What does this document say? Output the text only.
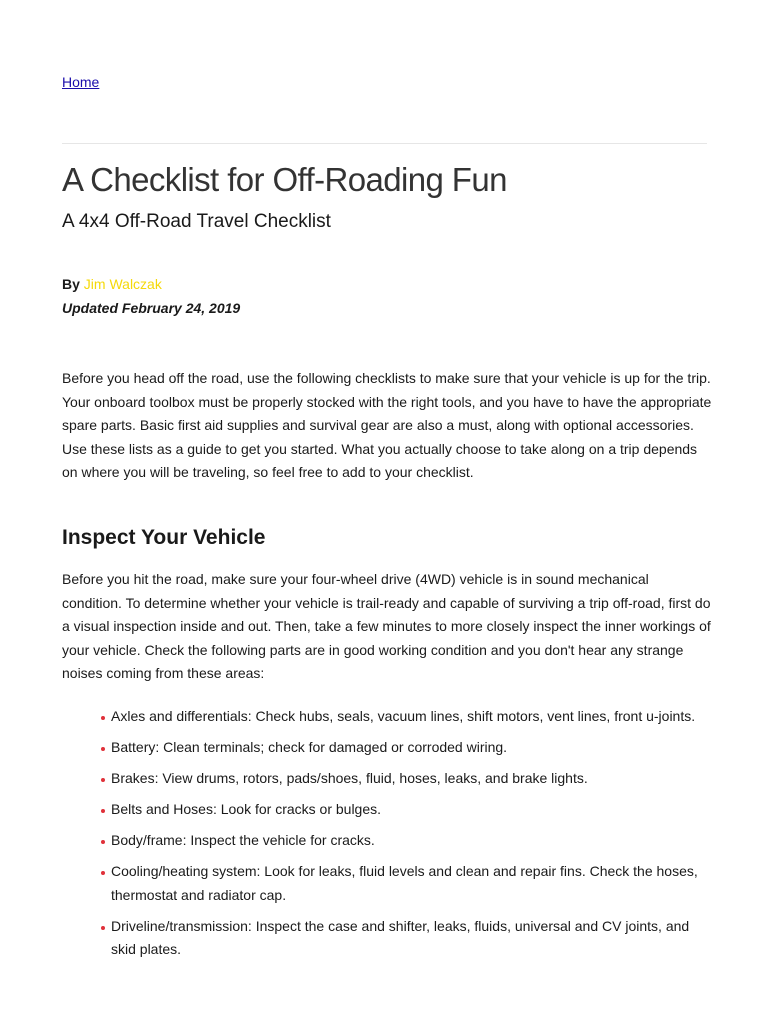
Home
A Checklist for Off-Roading Fun
A 4x4 Off-Road Travel Checklist
By Jim Walczak
Updated February 24, 2019

Before you head off the road, use the following checklists to make sure that your vehicle is up for the trip. Your onboard toolbox must be properly stocked with the right tools, and you have to have the appropriate spare parts. Basic first aid supplies and survival gear are also a must, along with optional accessories.

Use these lists as a guide to get you started. What you actually choose to take along on a trip depends on where you will be traveling, so feel free to add to your checklist.

Inspect Your Vehicle

Before you hit the road, make sure your four-wheel drive (4WD) vehicle is in sound mechanical condition. To determine whether your vehicle is trail-ready and capable of surviving a trip off-road, first do a visual inspection inside and out. Then, take a few minutes to more closely inspect the inner workings of your vehicle. Check the following parts are in good working condition and you don't hear any strange noises coming from these areas:

Axles and differentials: Check hubs, seals, vacuum lines, shift motors, vent lines, front u-joints.
Battery: Clean terminals; check for damaged or corroded wiring.
Brakes: View drums, rotors, pads/shoes, fluid, hoses, leaks, and brake lights.
Belts and Hoses: Look for cracks or bulges.
Body/frame: Inspect the vehicle for cracks.
Cooling/heating system: Look for leaks, fluid levels and clean and repair fins. Check the hoses, thermostat and radiator cap.
Driveline/transmission: Inspect the case and shifter, leaks, fluids, universal and CV joints, and skid plates.
